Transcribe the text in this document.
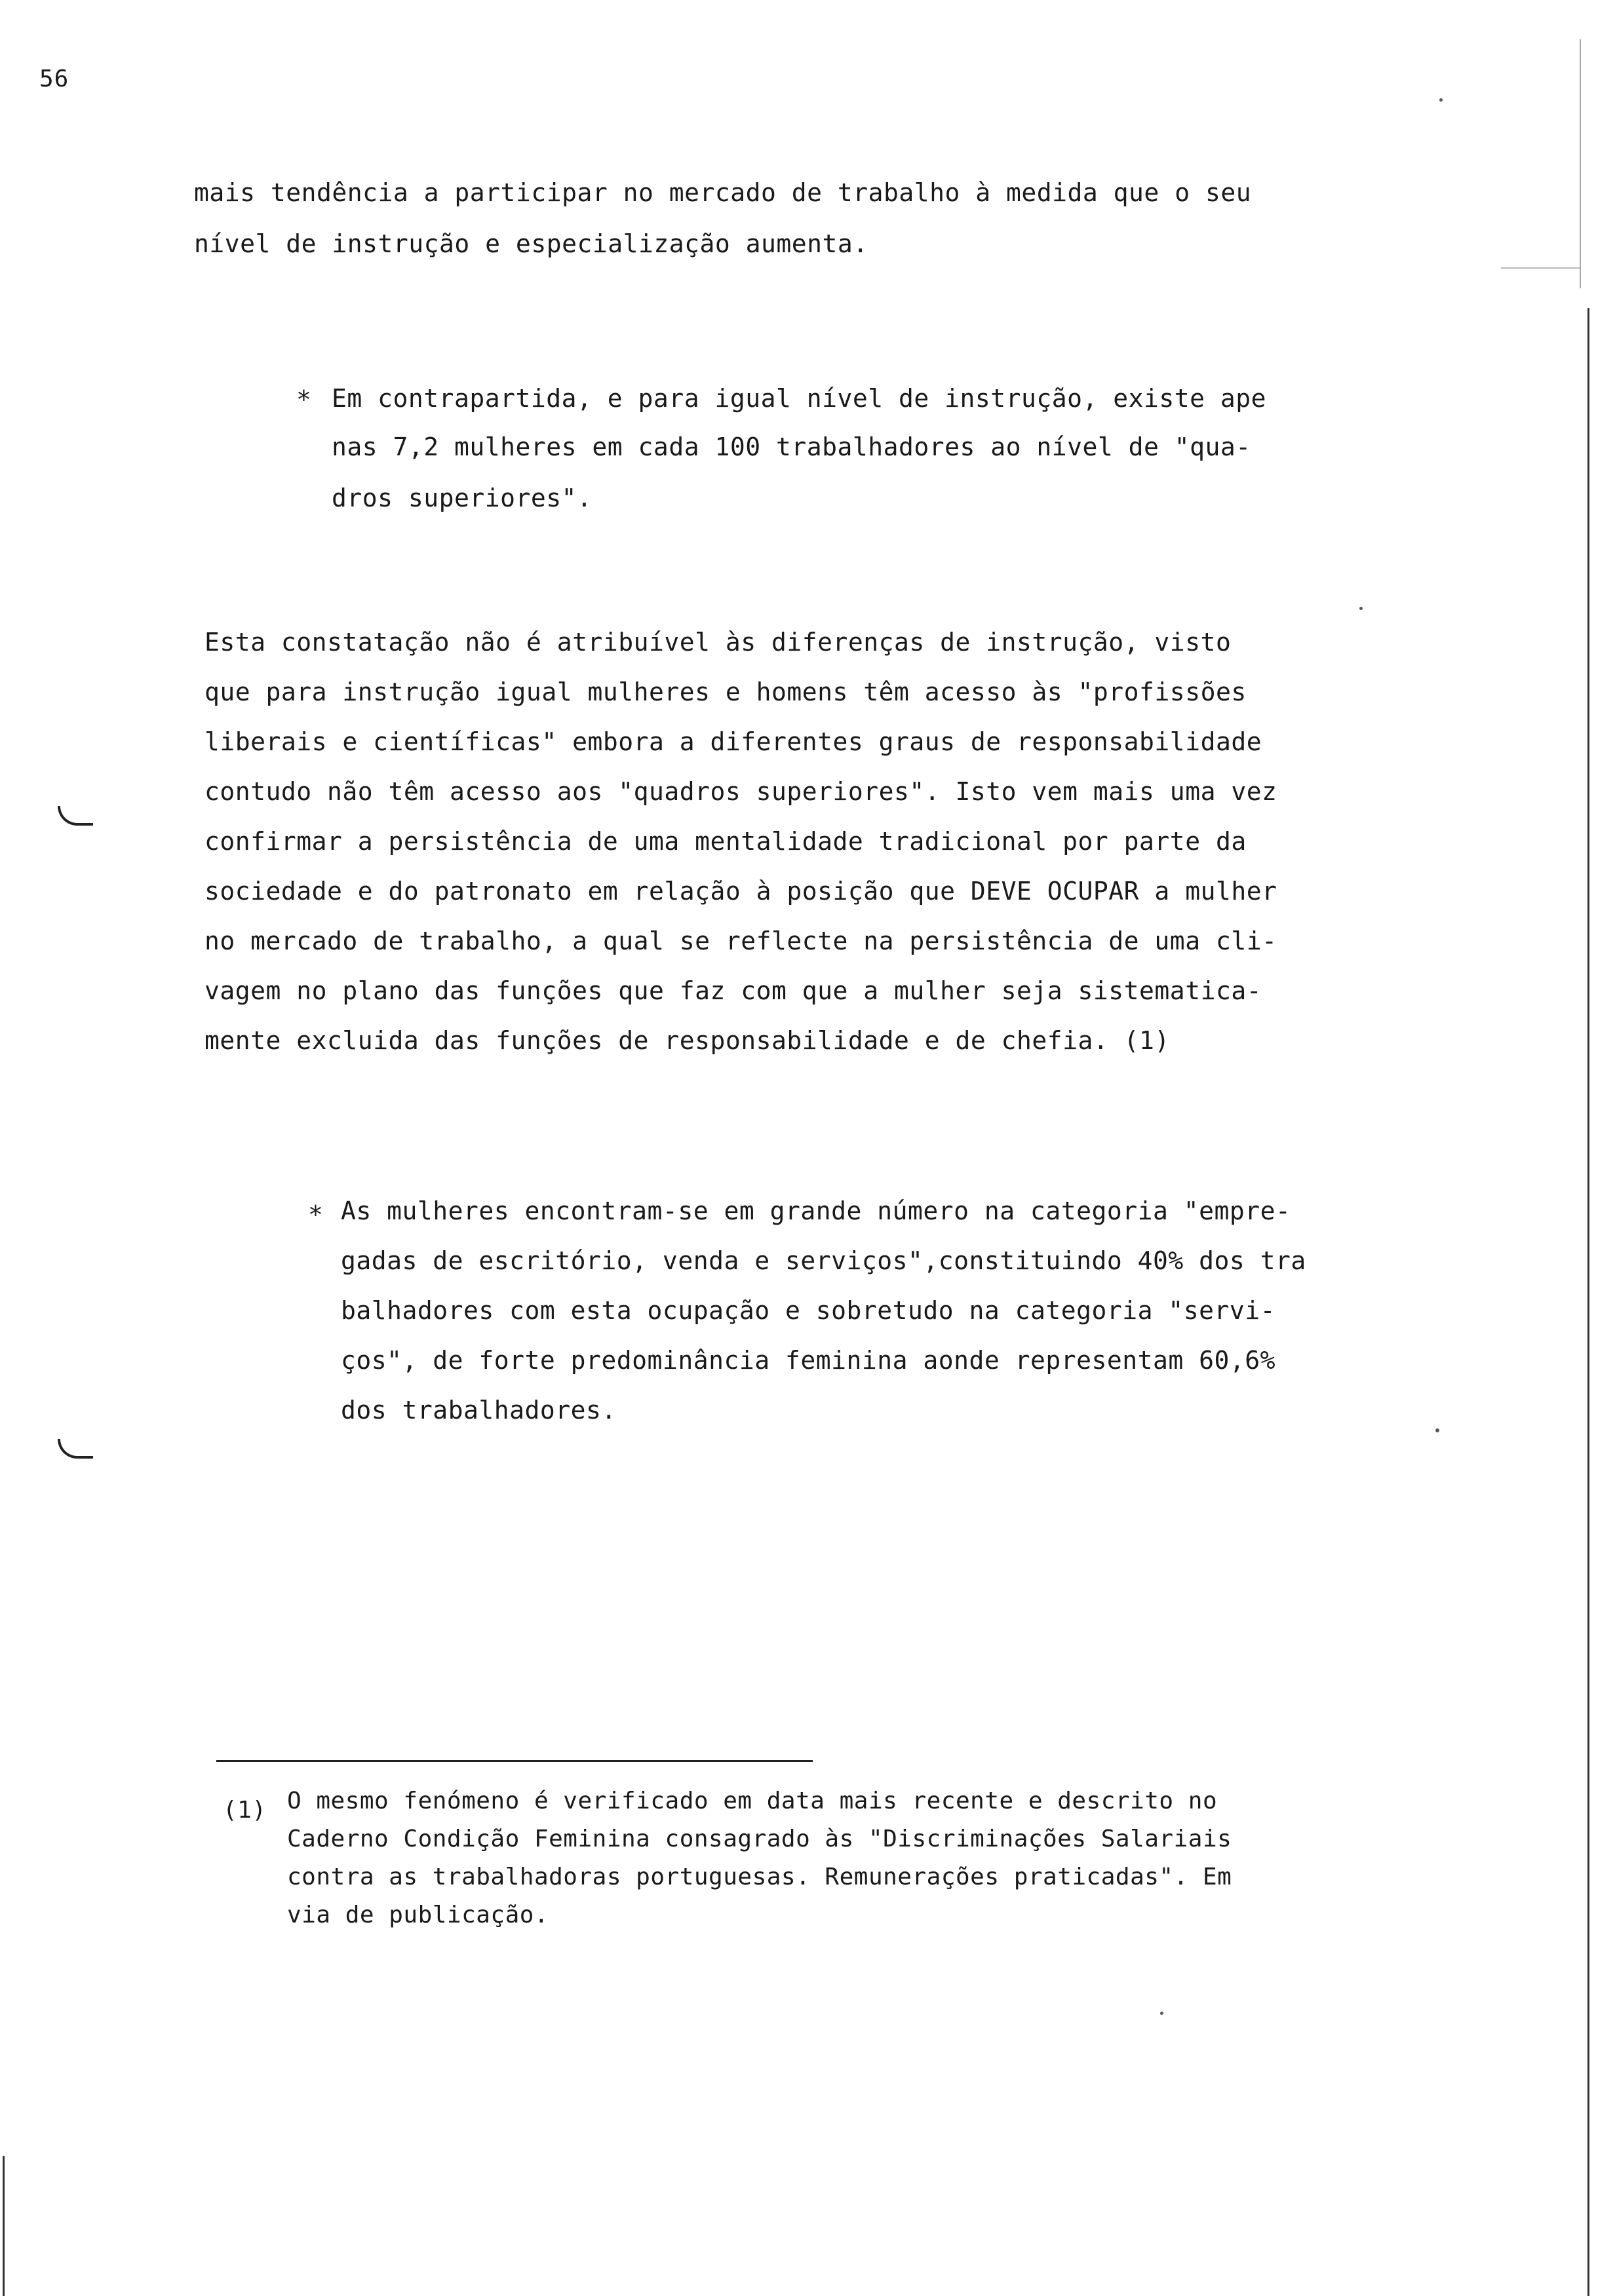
56
mais tendência a participar no mercado de trabalho à medida que o seu
nível de instrução e especialização aumenta.
* Em contrapartida, e para igual nível de instrução, existe ape
nas 7,2 mulheres em cada 100 trabalhadores ao nível de "qua-
dros superiores".
Esta constatação não é atribuível às diferenças de instrução, visto
que para instrução igual mulheres e homens têm acesso às "profissões
liberais e científicas" embora a diferentes graus de responsabilidade
contudo não têm acesso aos "quadros superiores". Isto vem mais uma vez
confirmar a persistência de uma mentalidade tradicional por parte da
sociedade e do patronato em relação à posição que DEVE OCUPAR a mulher
no mercado de trabalho, a qual se reflecte na persistência de uma cli-
vagem no plano das funções que faz com que a mulher seja sistematica-
mente excluida das funções de responsabilidade e de chefia. (1)
* As mulheres encontram-se em grande número na categoria "empre-
gadas de escritório, venda e serviços",constituindo 40% dos tra
balhadores com esta ocupação e sobretudo na categoria "servi-
ços", de forte predominância feminina aonde representam 60,6%
dos trabalhadores.
(1) O mesmo fenómeno é verificado em data mais recente e descrito no
Caderno Condição Feminina consagrado às "Discriminações Salariais
contra as trabalhadoras portuguesas. Remunerações praticadas". Em
via de publicação.
